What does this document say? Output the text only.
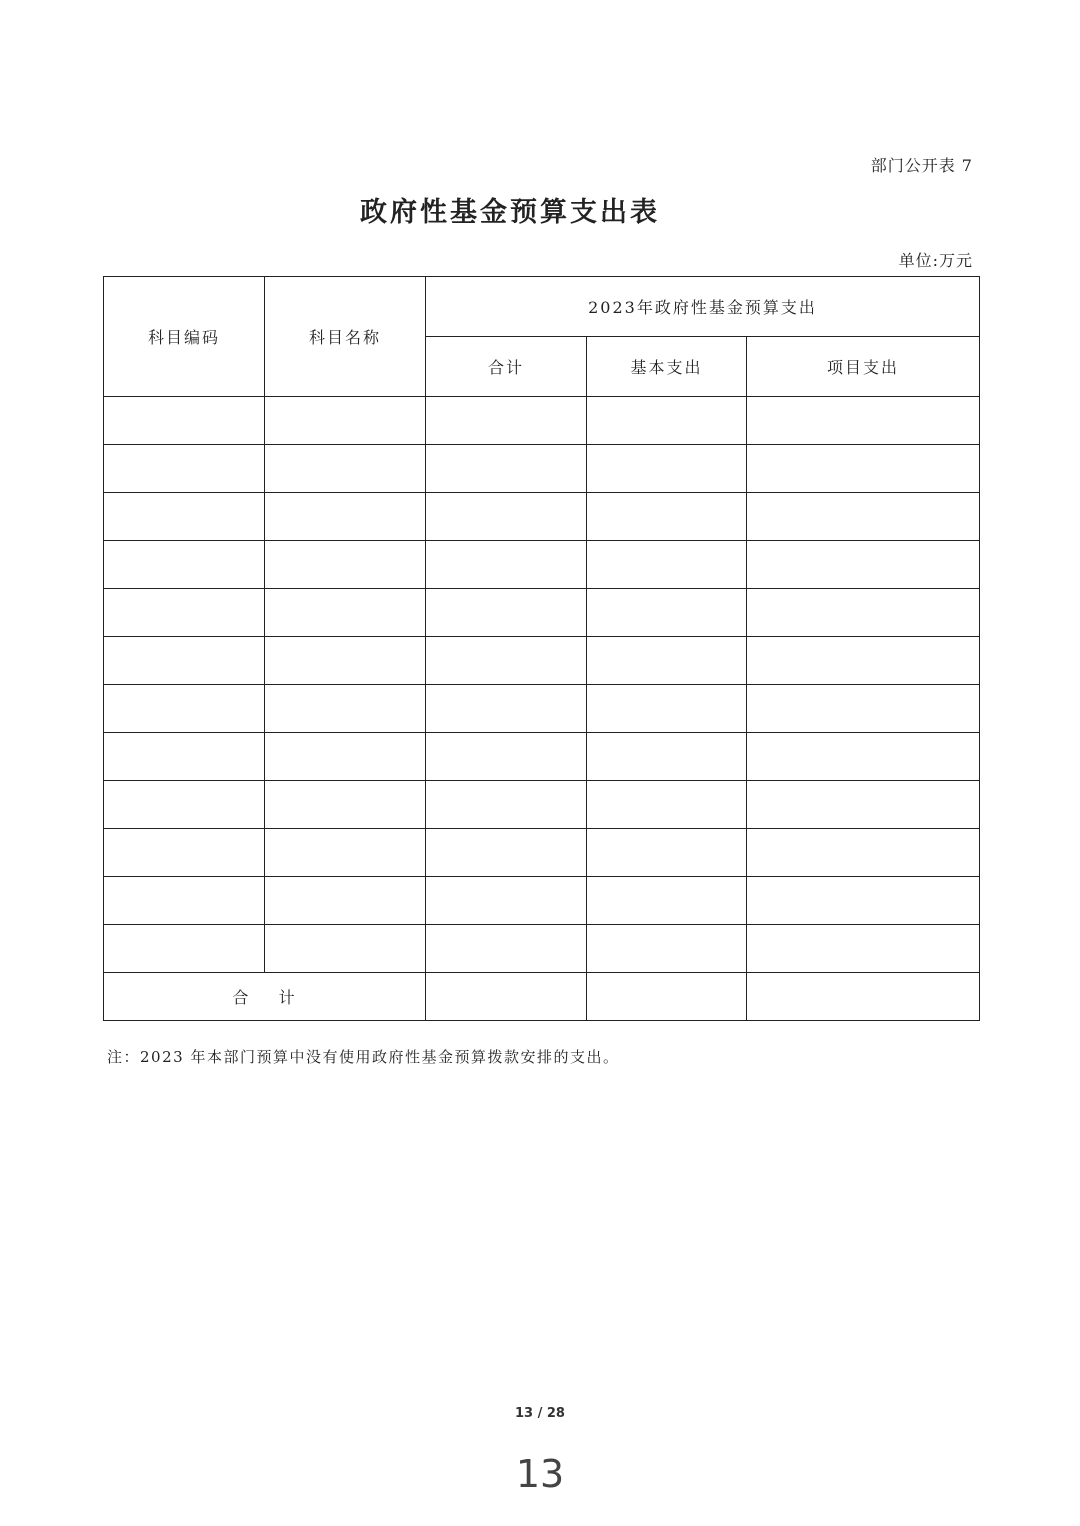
部门公开表 7
政府性基金预算支出表
单位:万元
科目编码	科目名称	2023年政府性基金预算支出		
		合计	基本支出	项目支出

合    计				
注：2023 年本部门预算中没有使用政府性基金预算拨款安排的支出。
13 / 28
13
